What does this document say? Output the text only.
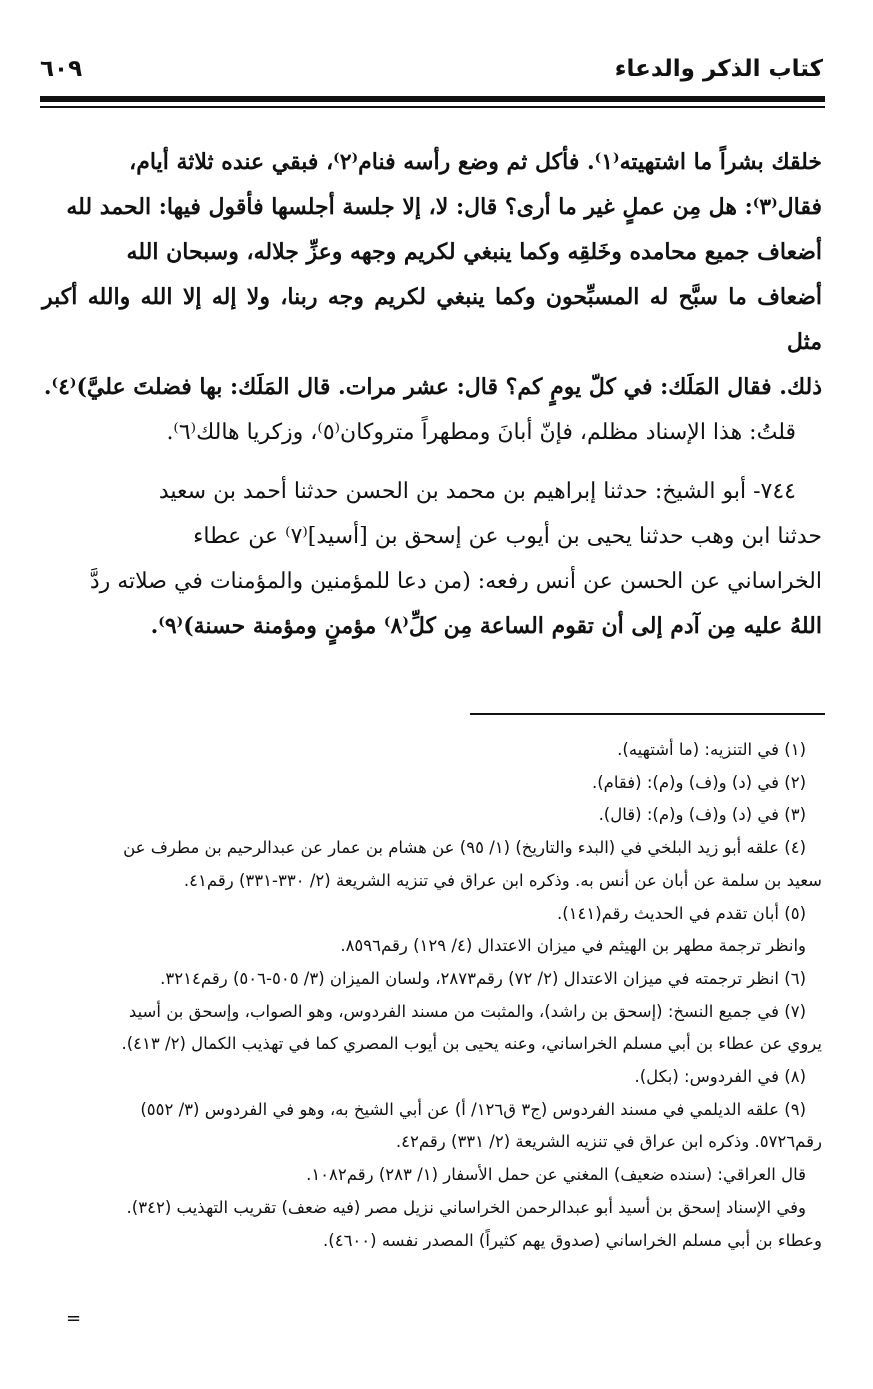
كتاب الذكر والدعاء
٦٠٩

خلقك بشراً ما اشتهيته⁽١⁾. فأكل ثم وضع رأسه فنام⁽٢⁾، فبقي عنده ثلاثة أيام،

فقال⁽٣⁾: هل مِن عملٍ غير ما أرى؟ قال: لا، إلا جلسة أجلسها فأقول فيها: الحمد لله

أضعاف جميع محامده وخَلقِه وكما ينبغي لكريم وجهه وعزِّ جلاله، وسبحان الله

أضعاف ما سبَّح له المسبِّحون وكما ينبغي لكريم وجه ربنا، ولا إله إلا الله والله أكبر مثل

ذلك. فقال المَلَك: في كلّ يومٍ كم؟ قال: عشر مرات. قال المَلَك: بها فضلتَ عليَّ)⁽٤⁾.

قلتُ: هذا الإسناد مظلم، فإنّ أبانَ ومطهراً متروكان⁽٥⁾، وزكريا هالك⁽٦⁾.

٧٤٤- أبو الشيخ: حدثنا إبراهيم بن محمد بن الحسن حدثنا أحمد بن سعيد

حدثنا ابن وهب حدثنا يحيى بن أيوب عن إسحق بن [أسيد]⁽٧⁾ عن عطاء

الخراساني عن الحسن عن أنس رفعه: (من دعا للمؤمنين والمؤمنات في صلاته ردَّ

اللهُ عليه مِن آدم إلى أن تقوم الساعة مِن كلِّ⁽٨⁾ مؤمنٍ ومؤمنة حسنة)⁽٩⁾.

(١) في التنزيه: (ما أشتهيه).

(٢) في (د) و(ف) و(م): (فقام).

(٣) في (د) و(ف) و(م): (قال).

(٤) علقه أبو زيد البلخي في (البدء والتاريخ) (١/ ٩٥) عن هشام بن عمار عن عبدالرحيم بن مطرف عن

سعيد بن سلمة عن أبان عن أنس به. وذكره ابن عراق في تنزيه الشريعة (٢/ ٣٣٠-٣٣١) رقم٤١.

(٥) أبان تقدم في الحديث رقم(١٤١).

وانظر ترجمة مطهر بن الهيثم في ميزان الاعتدال (٤/ ١٢٩) رقم٨٥٩٦.

(٦) انظر ترجمته في ميزان الاعتدال (٢/ ٧٢) رقم٢٨٧٣، ولسان الميزان (٣/ ٥٠٥-٥٠٦) رقم٣٢١٤.

(٧) في جميع النسخ: (إسحق بن راشد)، والمثبت من مسند الفردوس، وهو الصواب، وإسحق بن أسيد

يروي عن عطاء بن أبي مسلم الخراساني، وعنه يحيى بن أيوب المصري كما في تهذيب الكمال (٢/ ٤١٣).

(٨) في الفردوس: (بكل).

(٩) علقه الديلمي في مسند الفردوس (ج٣ ق١٢٦/ أ) عن أبي الشيخ به، وهو في الفردوس (٣/ ٥٥٢)

رقم٥٧٢٦. وذكره ابن عراق في تنزيه الشريعة (٢/ ٣٣١) رقم٤٢.

قال العراقي: (سنده ضعيف) المغني عن حمل الأسفار (١/ ٢٨٣) رقم١٠٨٢.

وفي الإسناد إسحق بن أسيد أبو عبدالرحمن الخراساني نزيل مصر (فيه ضعف) تقريب التهذيب (٣٤٢).

وعطاء بن أبي مسلم الخراساني (صدوق يهم كثيراً) المصدر نفسه (٤٦٠٠).

=
